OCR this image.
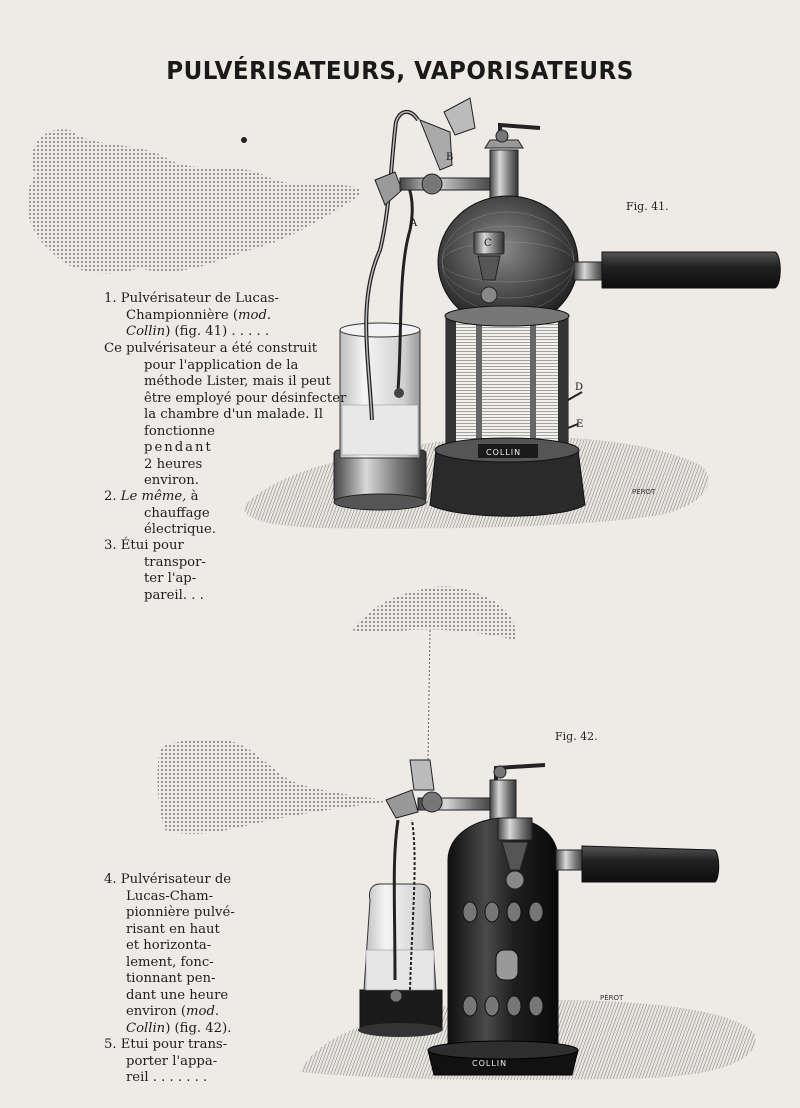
COLLIN
A
B
C
D
E
PÉROT
COLLIN
PÉROT
PULVÉRISATEURS, VAPORISATEURS
Fig. 41.
Fig. 42.
1. Pulvérisateur de Lucas-
Championnière (mod.
Collin) (fig. 41) . . . . .
Ce pulvérisateur a été construit
pour l'application de la
méthode Lister, mais il peut
être employé pour désinfecter
la chambre d'un malade. Il
fonctionne
pendant
2 heures
environ.
2. Le même, à
chauffage
électrique.
3. Étui pour
transpor-
ter l'ap-
pareil. . .
4. Pulvérisateur de
Lucas-Cham-
pionnière pulvé-
risant en haut
et horizonta-
lement, fonc-
tionnant pen-
dant une heure
environ (mod.
Collin) (fig. 42).
5. Etui pour trans-
porter l'appa-
reil . . . . . . .
